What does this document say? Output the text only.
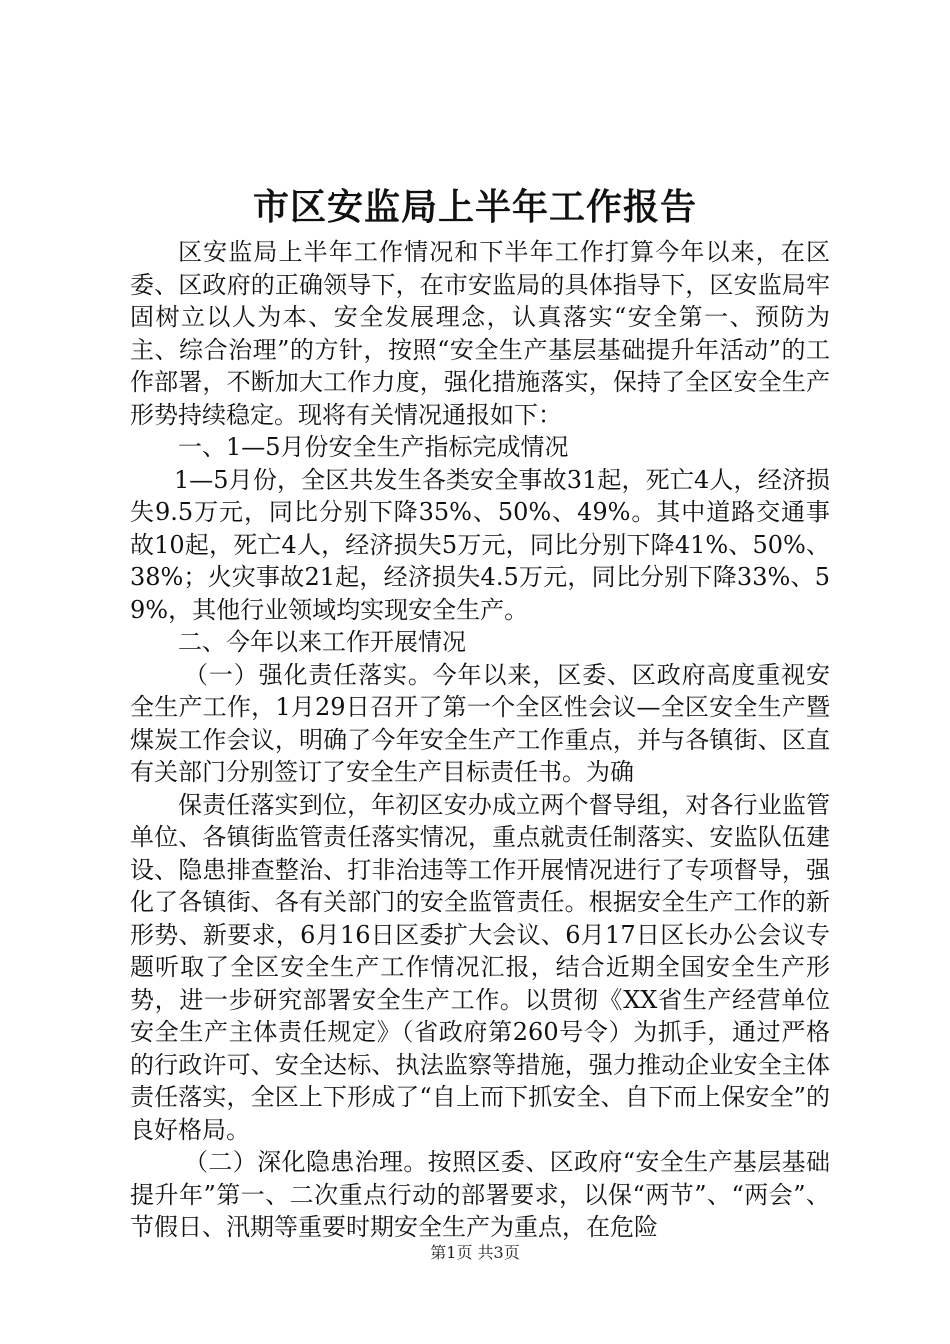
市区安监局上半年工作报告

区安监局上半年工作情况和下半年工作打算今年以来，在区委、区政府的正确领导下，在市安监局的具体指导下，区安监局牢固树立以人为本、安全发展理念，认真落实“安全第一、预防为主、综合治理”的方针，按照“安全生产基层基础提升年活动”的工作部署，不断加大工作力度，强化措施落实，保持了全区安全生产形势持续稳定。现将有关情况通报如下：

一、1—5月份安全生产指标完成情况

1—5月份，全区共发生各类安全事故31起，死亡4人，经济损失9.5万元，同比分别下降35%、50%、49%。其中道路交通事故10起，死亡4人，经济损失5万元，同比分别下降41%、50%、38%；火灾事故21起，经济损失4.5万元，同比分别下降33%、59%，其他行业领域均实现安全生产。

二、今年以来工作开展情况

（一）强化责任落实。今年以来，区委、区政府高度重视安全生产工作，1月29日召开了第一个全区性会议—全区安全生产暨煤炭工作会议，明确了今年安全生产工作重点，并与各镇街、区直有关部门分别签订了安全生产目标责任书。为确

保责任落实到位，年初区安办成立两个督导组，对各行业监管单位、各镇街监管责任落实情况，重点就责任制落实、安监队伍建设、隐患排查整治、打非治违等工作开展情况进行了专项督导，强化了各镇街、各有关部门的安全监管责任。根据安全生产工作的新形势、新要求，6月16日区委扩大会议、6月17日区长办公会议专题听取了全区安全生产工作情况汇报，结合近期全国安全生产形势，进一步研究部署安全生产工作。以贯彻《XX省生产经营单位安全生产主体责任规定》（省政府第260号令）为抓手，通过严格的行政许可、安全达标、执法监察等措施，强力推动企业安全主体责任落实，全区上下形成了“自上而下抓安全、自下而上保安全”的良好格局。

（二）深化隐患治理。按照区委、区政府“安全生产基层基础提升年”第一、二次重点行动的部署要求，以保“两节”、“两会”、节假日、汛期等重要时期安全生产为重点，在危险

第1页 共3页
